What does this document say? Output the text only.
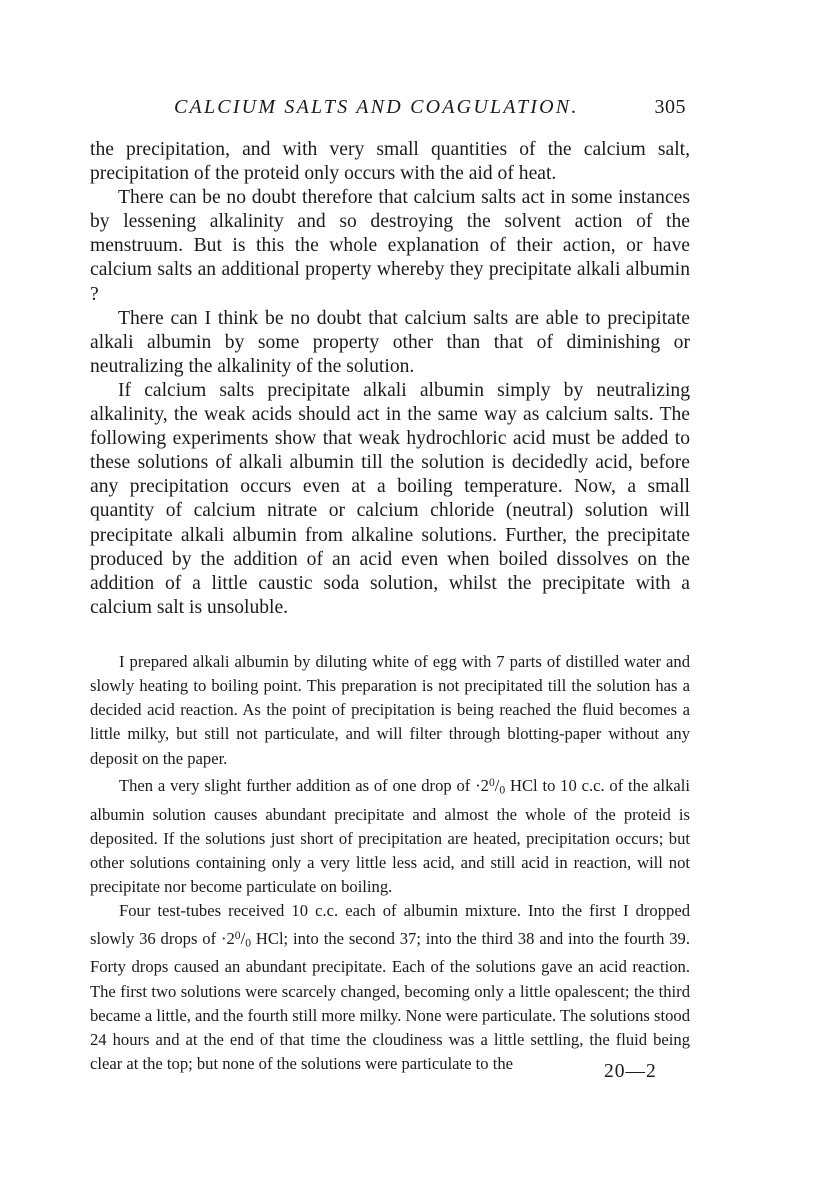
CALCIUM SALTS AND COAGULATION.	305

the precipitation, and with very small quantities of the calcium salt, precipitation of the proteid only occurs with the aid of heat.

There can be no doubt therefore that calcium salts act in some instances by lessening alkalinity and so destroying the solvent action of the menstruum. But is this the whole explanation of their action, or have calcium salts an additional property whereby they precipitate alkali albumin ?

There can I think be no doubt that calcium salts are able to precipitate alkali albumin by some property other than that of diminishing or neutralizing the alkalinity of the solution.

If calcium salts precipitate alkali albumin simply by neutralizing alkalinity, the weak acids should act in the same way as calcium salts. The following experiments show that weak hydrochloric acid must be added to these solutions of alkali albumin till the solution is decidedly acid, before any precipitation occurs even at a boiling temperature. Now, a small quantity of calcium nitrate or calcium chloride (neutral) solution will precipitate alkali albumin from alkaline solutions. Further, the precipitate produced by the addition of an acid even when boiled dissolves on the addition of a little caustic soda solution, whilst the precipitate with a calcium salt is unsoluble.

I prepared alkali albumin by diluting white of egg with 7 parts of distilled water and slowly heating to boiling point. This preparation is not precipitated till the solution has a decided acid reaction. As the point of precipitation is being reached the fluid becomes a little milky, but still not particulate, and will filter through blotting-paper without any deposit on the paper.

Then a very slight further addition as of one drop of $\cdot 2^0/_0$ HCl to 10 c.c. of the alkali albumin solution causes abundant precipitate and almost the whole of the proteid is deposited. If the solutions just short of precipitation are heated, precipitation occurs; but other solutions containing only a very little less acid, and still acid in reaction, will not precipitate nor become particulate on boiling.

Four test-tubes received 10 c.c. each of albumin mixture. Into the first I dropped slowly 36 drops of $\cdot 2^0/_0$ HCl; into the second 37; into the third 38 and into the fourth 39. Forty drops caused an abundant precipitate. Each of the solutions gave an acid reaction. The first two solutions were scarcely changed, becoming only a little opalescent; the third became a little, and the fourth still more milky. None were particulate. The solutions stood 24 hours and at the end of that time the cloudiness was a little settling, the fluid being clear at the top; but none of the solutions were particulate to the	20—2
